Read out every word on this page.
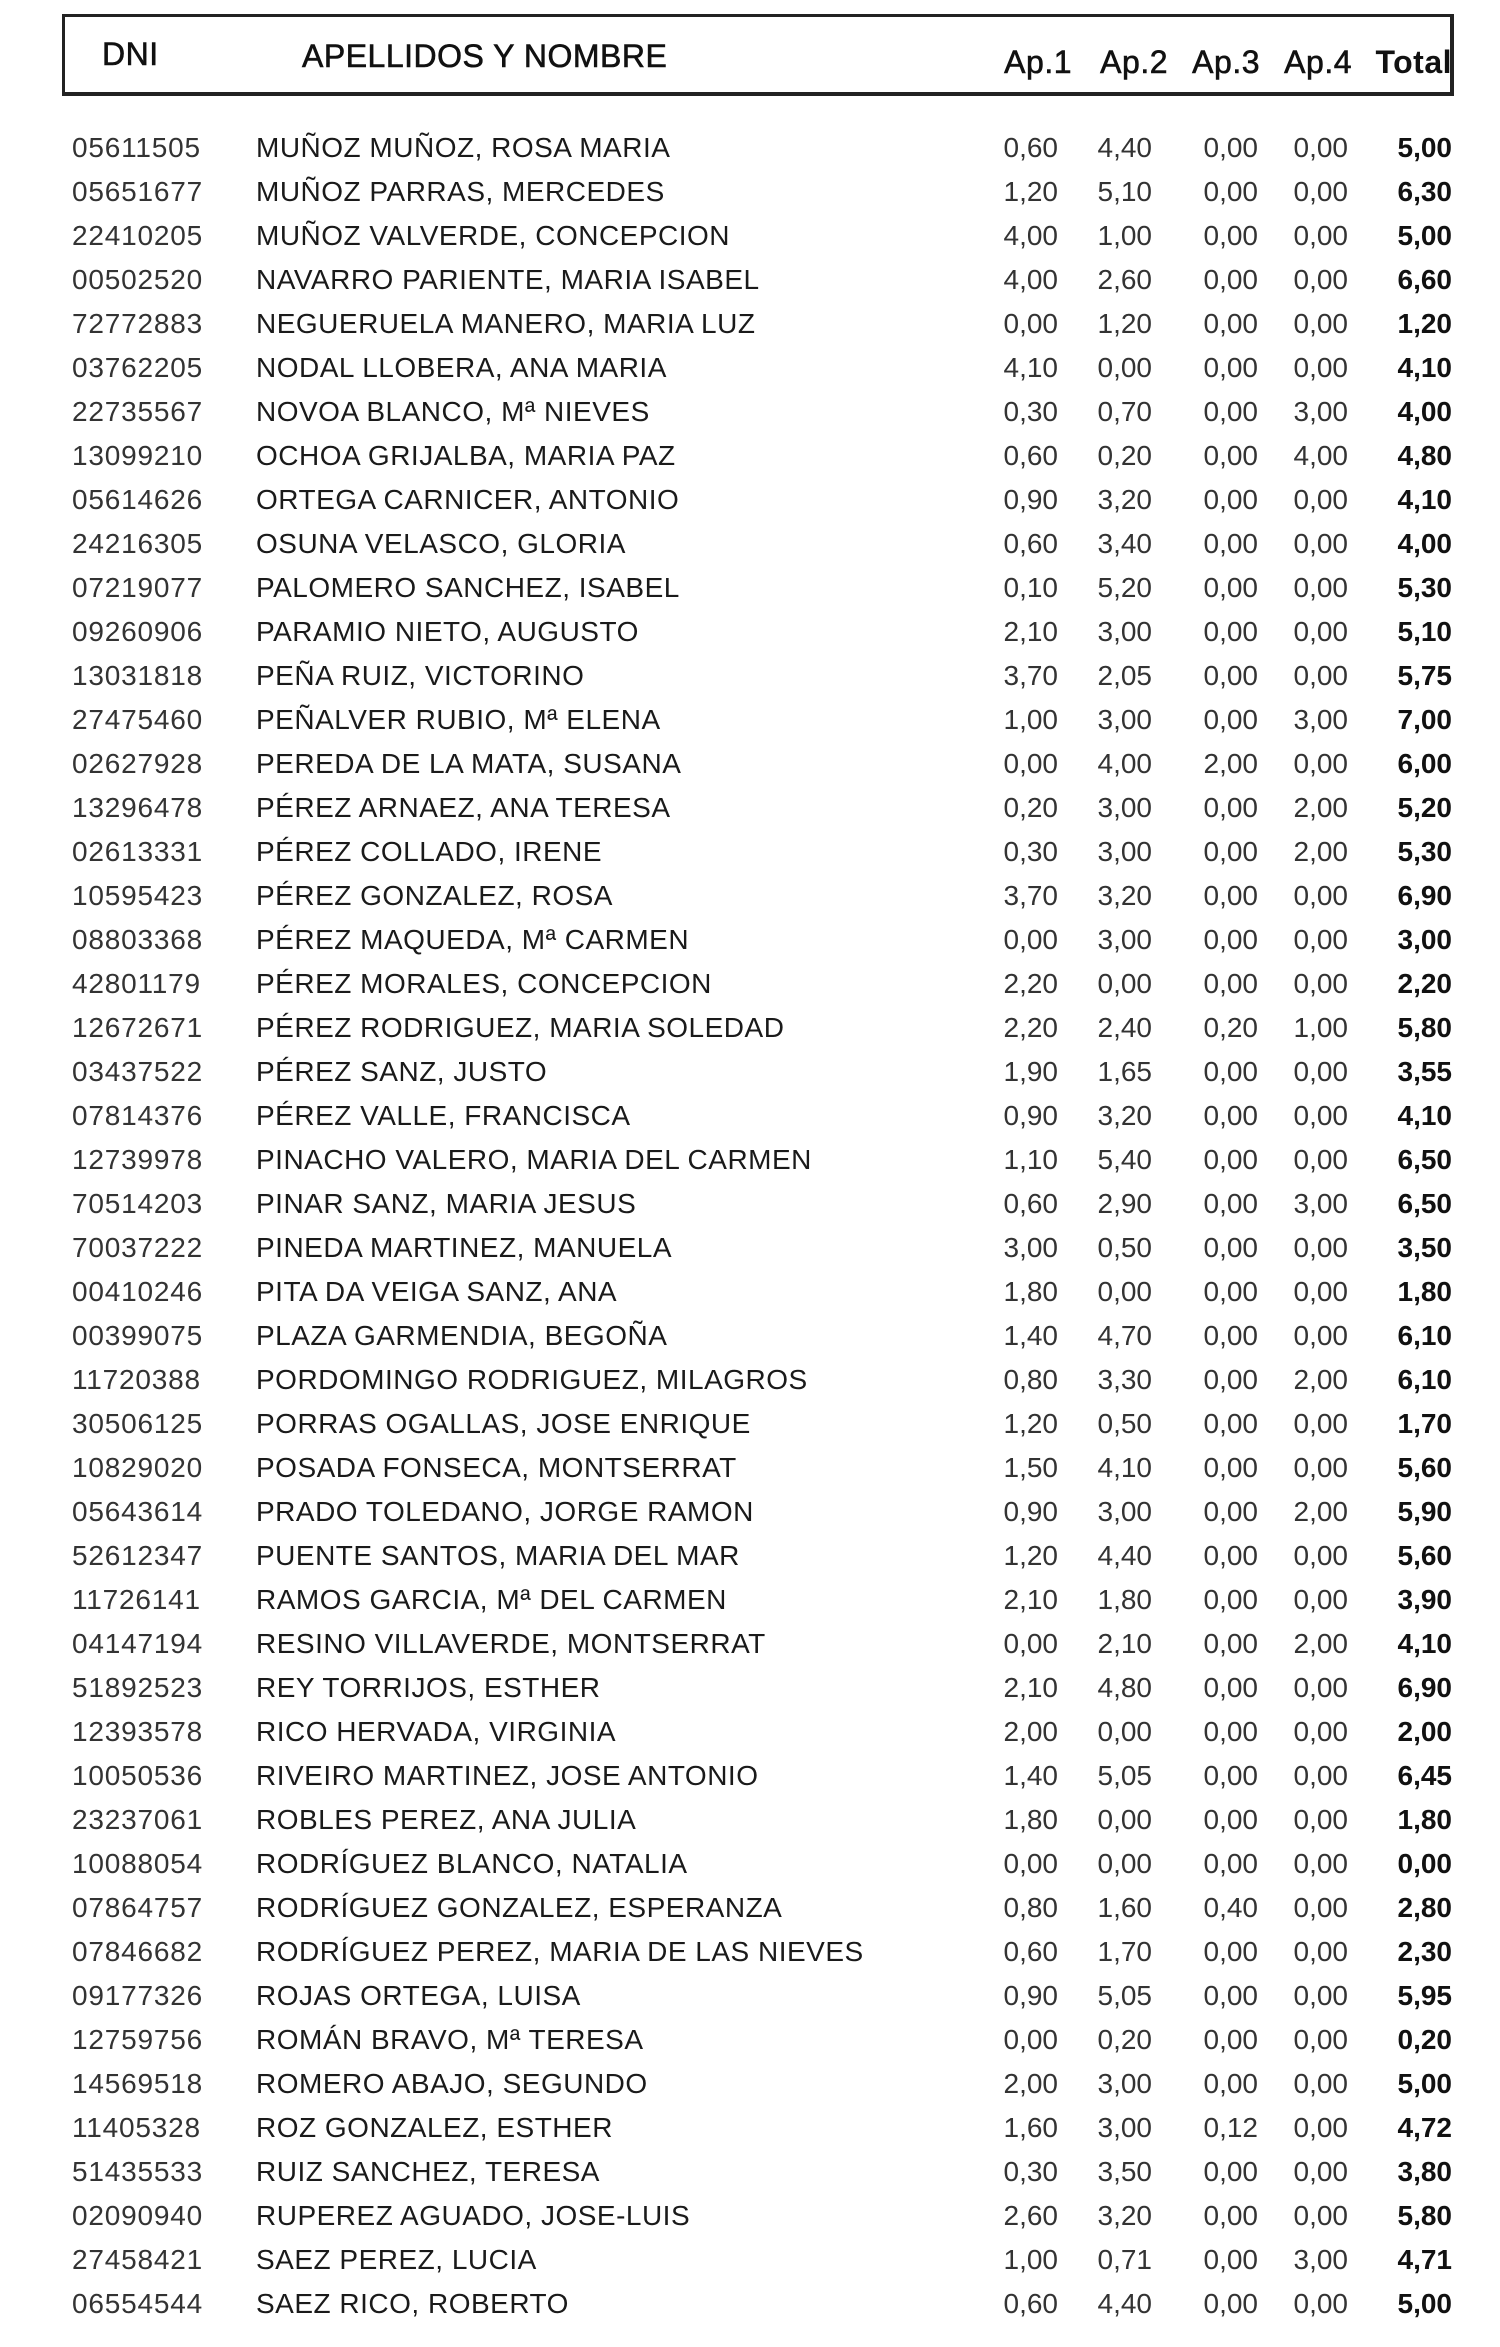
DNI	APELLIDOS Y NOMBRE	Ap.1 Ap.2 Ap.3 Ap.4 Total
05611505 MUÑOZ MUÑOZ, ROSA MARIA	0,60	4,40	0,00	0,00	5,00
05651677 MUÑOZ PARRAS, MERCEDES	1,20	5,10	0,00	0,00	6,30
22410205 MUÑOZ VALVERDE, CONCEPCION	4,00	1,00	0,00	0,00	5,00
00502520 NAVARRO PARIENTE, MARIA ISABEL	4,00	2,60	0,00	0,00	6,60
72772883 NEGUERUELA MANERO, MARIA LUZ	0,00	1,20	0,00	0,00	1,20
03762205 NODAL LLOBERA, ANA MARIA	4,10	0,00	0,00	0,00	4,10
22735567 NOVOA BLANCO, Mª NIEVES	0,30	0,70	0,00	3,00	4,00
13099210 OCHOA GRIJALBA, MARIA PAZ	0,60	0,20	0,00	4,00	4,80
05614626 ORTEGA CARNICER, ANTONIO	0,90	3,20	0,00	0,00	4,10
24216305 OSUNA VELASCO, GLORIA	0,60	3,40	0,00	0,00	4,00
07219077 PALOMERO SANCHEZ, ISABEL	0,10	5,20	0,00	0,00	5,30
09260906 PARAMIO NIETO, AUGUSTO	2,10	3,00	0,00	0,00	5,10
13031818 PEÑA RUIZ, VICTORINO	3,70	2,05	0,00	0,00	5,75
27475460 PEÑALVER RUBIO, Mª ELENA	1,00	3,00	0,00	3,00	7,00
02627928 PEREDA DE LA MATA, SUSANA	0,00	4,00	2,00	0,00	6,00
13296478 PÉREZ ARNAEZ, ANA TERESA	0,20	3,00	0,00	2,00	5,20
02613331 PÉREZ COLLADO, IRENE	0,30	3,00	0,00	2,00	5,30
10595423 PÉREZ GONZALEZ, ROSA	3,70	3,20	0,00	0,00	6,90
08803368 PÉREZ MAQUEDA, Mª CARMEN	0,00	3,00	0,00	0,00	3,00
42801179 PÉREZ MORALES, CONCEPCION	2,20	0,00	0,00	0,00	2,20
12672671 PÉREZ RODRIGUEZ, MARIA SOLEDAD	2,20	2,40	0,20	1,00	5,80
03437522 PÉREZ SANZ, JUSTO	1,90	1,65	0,00	0,00	3,55
07814376 PÉREZ VALLE, FRANCISCA	0,90	3,20	0,00	0,00	4,10
12739978 PINACHO VALERO, MARIA DEL CARMEN	1,10	5,40	0,00	0,00	6,50
70514203 PINAR SANZ, MARIA JESUS	0,60	2,90	0,00	3,00	6,50
70037222 PINEDA MARTINEZ, MANUELA	3,00	0,50	0,00	0,00	3,50
00410246 PITA DA VEIGA SANZ, ANA	1,80	0,00	0,00	0,00	1,80
00399075 PLAZA GARMENDIA, BEGOÑA	1,40	4,70	0,00	0,00	6,10
11720388 PORDOMINGO RODRIGUEZ, MILAGROS	0,80	3,30	0,00	2,00	6,10
30506125 PORRAS OGALLAS, JOSE ENRIQUE	1,20	0,50	0,00	0,00	1,70
10829020 POSADA FONSECA, MONTSERRAT	1,50	4,10	0,00	0,00	5,60
05643614 PRADO TOLEDANO, JORGE RAMON	0,90	3,00	0,00	2,00	5,90
52612347 PUENTE SANTOS, MARIA DEL MAR	1,20	4,40	0,00	0,00	5,60
11726141 RAMOS GARCIA, Mª DEL CARMEN	2,10	1,80	0,00	0,00	3,90
04147194 RESINO VILLAVERDE, MONTSERRAT	0,00	2,10	0,00	2,00	4,10
51892523 REY TORRIJOS, ESTHER	2,10	4,80	0,00	0,00	6,90
12393578 RICO HERVADA, VIRGINIA	2,00	0,00	0,00	0,00	2,00
10050536 RIVEIRO MARTINEZ, JOSE ANTONIO	1,40	5,05	0,00	0,00	6,45
23237061 ROBLES PEREZ, ANA JULIA	1,80	0,00	0,00	0,00	1,80
10088054 RODRÍGUEZ BLANCO, NATALIA	0,00	0,00	0,00	0,00	0,00
07864757 RODRÍGUEZ GONZALEZ, ESPERANZA	0,80	1,60	0,40	0,00	2,80
07846682 RODRÍGUEZ PEREZ, MARIA DE LAS NIEVES	0,60	1,70	0,00	0,00	2,30
09177326 ROJAS ORTEGA, LUISA	0,90	5,05	0,00	0,00	5,95
12759756 ROMÁN BRAVO, Mª TERESA	0,00	0,20	0,00	0,00	0,20
14569518 ROMERO ABAJO, SEGUNDO	2,00	3,00	0,00	0,00	5,00
11405328 ROZ GONZALEZ, ESTHER	1,60	3,00	0,12	0,00	4,72
51435533 RUIZ SANCHEZ, TERESA	0,30	3,50	0,00	0,00	3,80
02090940 RUPEREZ AGUADO, JOSE-LUIS	2,60	3,20	0,00	0,00	5,80
27458421 SAEZ PEREZ, LUCIA	1,00	0,71	0,00	3,00	4,71
06554544 SAEZ RICO, ROBERTO	0,60	4,40	0,00	0,00	5,00
